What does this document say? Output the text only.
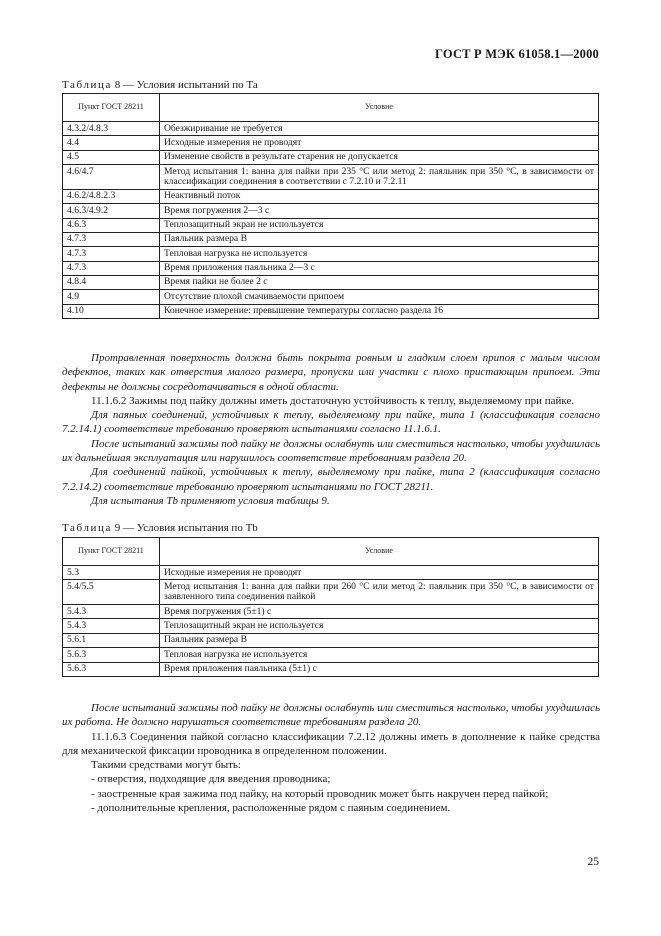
ГОСТ Р МЭК 61058.1—2000
Таблица 8 — Условия испытаний по Та
Пункт ГОСТ 28211	Условие
4.3.2/4.8.3	Обезжиривание не требуется
4.4	Исходные измерения не проводят
4.5	Изменение свойств в результате старения не допускается
4.6/4.7	Метод испытания 1: ванна для пайки при 235 °С или метод 2: паяльник при 350 °С, в зависимости от классификации соединения в соответствии с 7.2.10 и 7.2.11
4.6.2/4.8.2.3	Неактивный поток
4.6.3/4.9.2	Время погружения 2—3 с
4.6.3	Теплозащитный экран не используется
4.7.3	Паяльник размера В
4.7.3	Тепловая нагрузка не используется
4.7.3	Время приложения паяльника 2—3 с
4.8.4	Время пайки не более 2 с
4.9	Отсутствие плохой смачиваемости припоем
4.10	Конечное измерение: превышение температуры согласно раздела 16

Протравленная поверхность должна быть покрыта ровным и гладким слоем припоя с малым числом дефектов, таких как отверстия малого размера, пропуски или участки с плохо пристающим припоем. Эти дефекты не должны сосредотачиваться в одной области.

11.1.6.2 Зажимы под пайку должны иметь достаточную устойчивость к теплу, выделяемому при пайке.

Для паяных соединений, устойчивых к теплу, выделяемому при пайке, типа 1 (классификация согласно 7.2.14.1) соответствие требованию проверяют испытаниями согласно 11.1.6.1.

После испытаний зажимы под пайку не должны ослабнуть или сместиться настолько, чтобы ухудшилась их дальнейшая эксплуатация или нарушилось соответствие требованиям раздела 20.

Для соединений пайкой, устойчивых к теплу, выделяемому при пайке, типа 2 (классификация согласно 7.2.14.2) соответствие требованию проверяют испытаниями по ГОСТ 28211.

Для испытания Тb применяют условия таблицы 9.

Таблица 9 — Условия испытания по Тb
Пункт ГОСТ 28211	Условие
5.3	Исходные измерения не проводят
5.4/5.5	Метод испытания 1: ванна для пайки при 260 °С или метод 2: паяльник при 350 °С, в зависимости от заявленного типа соединения пайкой
5.4.3	Время погружения (5±1) с
5.4.3	Теплозащитный экран не используется
5.6.1	Паяльник размера В
5.6.3	Тепловая нагрузка не используется
5.6.3	Время приложения паяльника (5±1) с

После испытаний зажимы под пайку не должны ослабнуть или сместиться настолько, чтобы ухудшилась их работа. Не должно нарушаться соответствие требованиям раздела 20.

11.1.6.3 Соединения пайкой согласно классификации 7.2.12 должны иметь в дополнение к пайке средства для механической фиксации проводника в определенном положении.

Такими средствами могут быть:

- отверстия, подходящие для введения проводника;

- заостренные края зажима под пайку, на который проводник может быть накручен перед пайкой;

- дополнительные крепления, расположенные рядом с паяным соединением.

25
